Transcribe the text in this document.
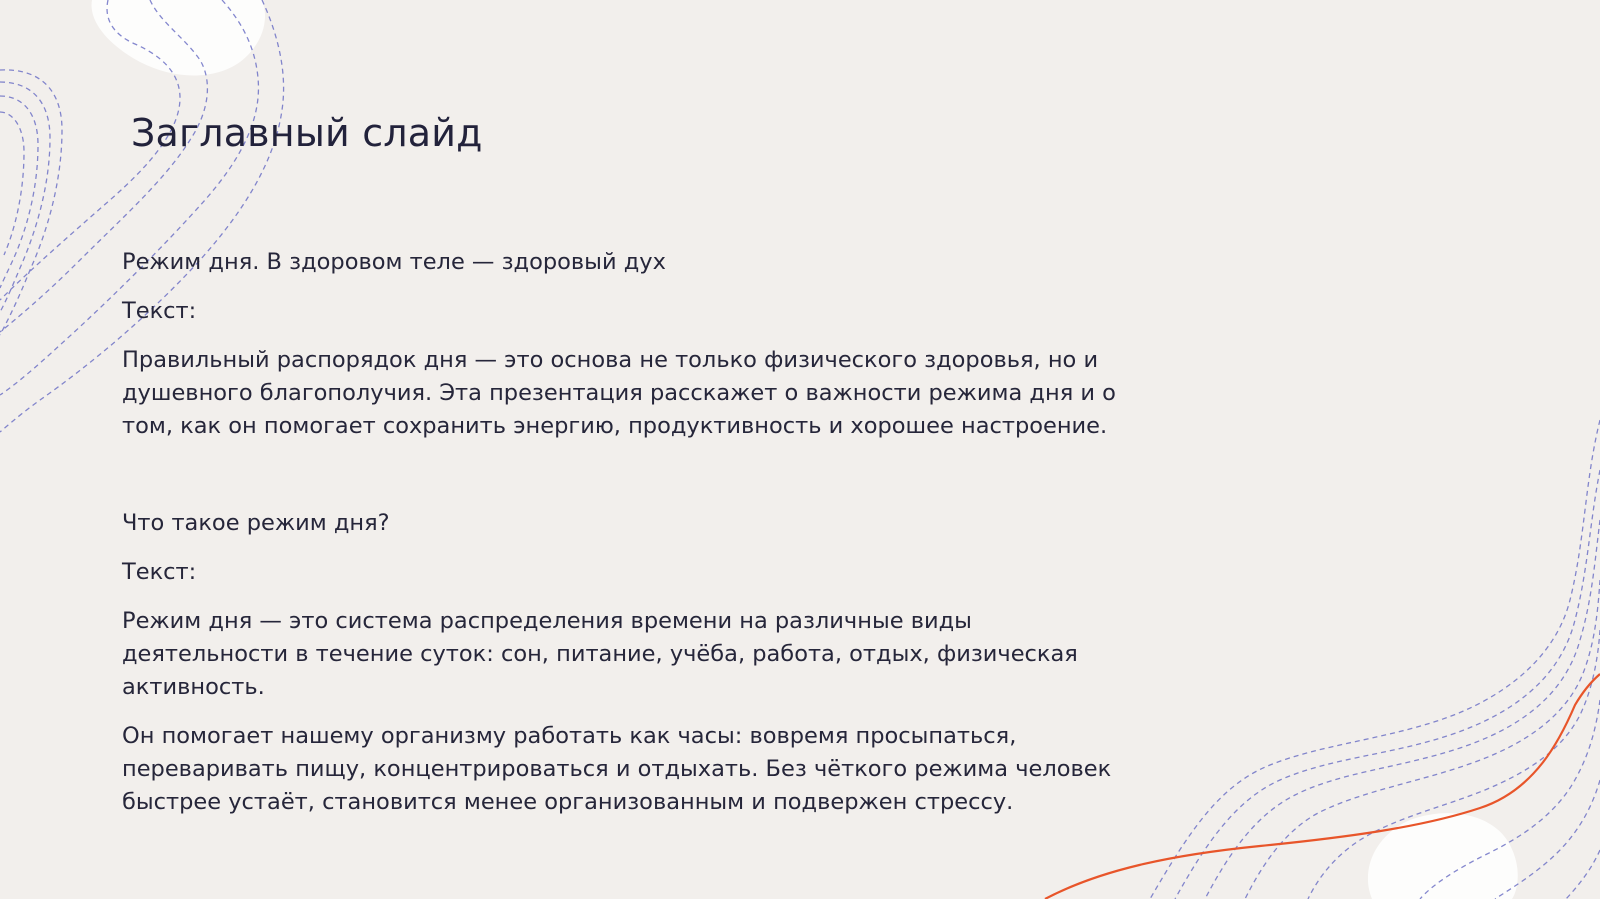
Заглавный слайд

Режим дня. В здоровом теле — здоровый дух

Текст:

Правильный распорядок дня — это основа не только физического здоровья, но и душевного благополучия. Эта презентация расскажет о важности режима дня и о том, как он помогает сохранить энергию, продуктивность и хорошее настроение.

Что такое режим дня?

Текст:

Режим дня — это система распределения времени на различные виды деятельности в течение суток: сон, питание, учёба, работа, отдых, физическая активность.

Он помогает нашему организму работать как часы: вовремя просыпаться, переваривать пищу, концентрироваться и отдыхать. Без чёткого режима человек быстрее устаёт, становится менее организованным и подвержен стрессу.
